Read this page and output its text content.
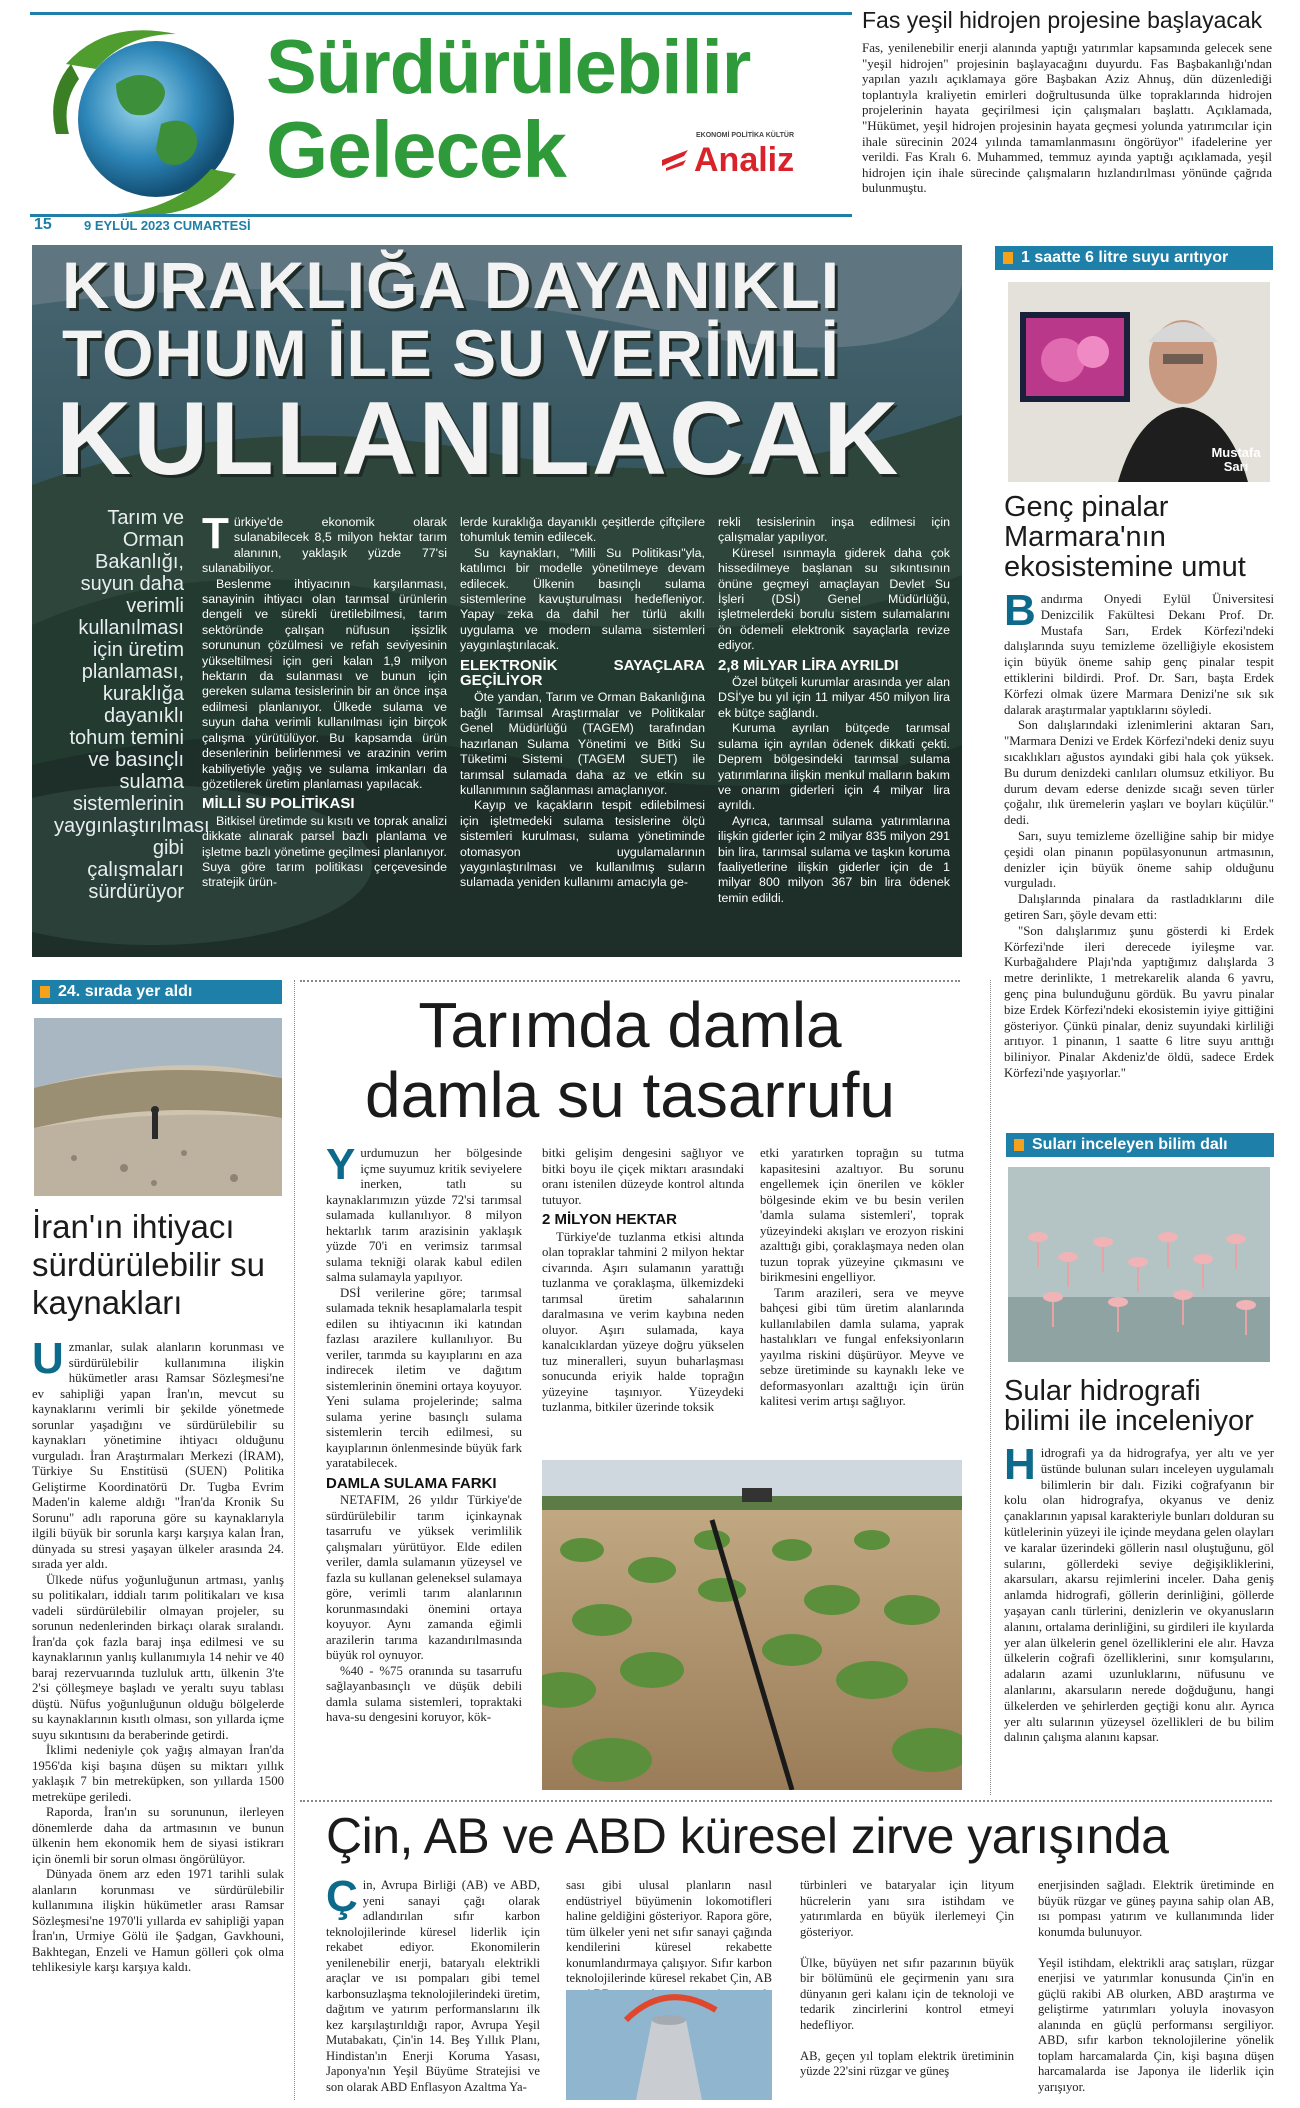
Sürdürülebilir
Gelecek	EKONOMİ POLİTİKA KÜLTÜR
Analiz
15 9 EYLÜL 2023 CUMARTESİ
Fas yeşil hidrojen projesine başlayacak
Fas, yenilenebilir enerji alanında yaptığı yatırımlar kapsamında gelecek sene "yeşil hidrojen" projesinin başlayacağını duyurdu. Fas Başbakanlığı'ndan yapılan yazılı açıklamaya göre Başbakan Aziz Ahnuş, dün düzenlediği toplantıyla kraliyetin emirleri doğrultusunda ülke topraklarında hidrojen projelerinin hayata geçirilmesi için çalışmaları başlattı. Açıklamada, "Hükümet, yeşil hidrojen projesinin hayata geçmesi yolunda yatırımcılar için ihale sürecinin 2024 yılında tamamlanmasını öngörüyor" ifadelerine yer verildi. Fas Kralı 6. Muhammed, temmuz ayında yaptığı açıklamada, yeşil hidrojen için ihale sürecinde çalışmaların hızlandırılması yönünde çağrıda bulunmuştu.
KURAKLIĞA DAYANIKLI
TOHUM İLE SU VERİMLİ
KULLANILACAK
Tarım ve Orman Bakanlığı, suyun daha verimli kullanılması için üretim planlaması, kuraklığa dayanıklı tohum temini ve basınçlı sulama sistemlerinin yaygınlaştırılması gibi çalışmaları sürdürüyor

Türkiye'de ekonomik olarak sulanabilecek 8,5 milyon hektar tarım alanının, yaklaşık yüzde 77'si sulanabiliyor.

Beslenme ihtiyacının karşılanması, sanayinin ihtiyacı olan tarımsal ürünlerin dengeli ve sürekli üretilebilmesi, tarım sektöründe çalışan nüfusun işsizlik sorununun çözülmesi ve refah seviyesinin yükseltilmesi için geri kalan 1,9 milyon hektarın da sulanması ve bunun için gereken sulama tesislerinin bir an önce inşa edilmesi planlanıyor. Ülkede sulama ve suyun daha verimli kullanılması için birçok çalışma yürütülüyor. Bu kapsamda ürün desenlerinin belirlenmesi ve arazinin verim kabiliyetiyle yağış ve sulama imkanları da gözetilerek üretim planlaması yapılacak.

MİLLİ SU POLİTİKASI

Bitkisel üretimde su kısıtı ve toprak analizi dikkate alınarak parsel bazlı planlama ve işletme bazlı yönetime geçilmesi planlanıyor. Suya göre tarım politikası çerçevesinde stratejik ürün-

lerde kuraklığa dayanıklı çeşitlerde çiftçilere tohumluk temin edilecek.

Su kaynakları, "Milli Su Politikası"yla, katılımcı bir modelle yönetilmeye devam edilecek. Ülkenin basınçlı sulama sistemlerine kavuşturulması hedefleniyor. Yapay zeka da dahil her türlü akıllı uygulama ve modern sulama sistemleri yaygınlaştırılacak.

ELEKTRONİK SAYAÇLARA GEÇİLİYOR

Öte yandan, Tarım ve Orman Bakanlığına bağlı Tarımsal Araştırmalar ve Politikalar Genel Müdürlüğü (TAGEM) tarafından hazırlanan Sulama Yönetimi ve Bitki Su Tüketimi Sistemi (TAGEM SUET) ile tarımsal sulamada daha az ve etkin su kullanımının sağlanması amaçlanıyor.

Kayıp ve kaçakların tespit edilebilmesi için işletmedeki sulama tesislerine ölçü sistemleri kurulması, sulama yönetiminde otomasyon uygulamalarının yaygınlaştırılması ve kullanılmış suların sulamada yeniden kullanımı amacıyla ge-

rekli tesislerinin inşa edilmesi için çalışmalar yapılıyor.

Küresel ısınmayla giderek daha çok hissedilmeye başlanan su sıkıntısının önüne geçmeyi amaçlayan Devlet Su İşleri (DSİ) Genel Müdürlüğü, işletmelerdeki borulu sistem sulamalarını ön ödemeli elektronik sayaçlarla revize ediyor.

2,8 MİLYAR LİRA AYRILDI

Özel bütçeli kurumlar arasında yer alan DSİ'ye bu yıl için 11 milyar 450 milyon lira ek bütçe sağlandı.

Kuruma ayrılan bütçede tarımsal sulama için ayrılan ödenek dikkati çekti. Deprem bölgesindeki tarımsal sulama yatırımlarına ilişkin menkul malların bakım ve onarım giderleri için 4 milyar lira ayrıldı.

Ayrıca, tarımsal sulama yatırımlarına ilişkin giderler için 2 milyar 835 milyon 291 bin lira, tarımsal sulama ve taşkın koruma faaliyetlerine ilişkin giderler için de 1 milyar 800 milyon 367 bin lira ödenek temin edildi.

1 saatte 6 litre suyu arıtıyor
Mustafa Sarı
Genç pinalar Marmara'nın ekosistemine umut

Bandırma Onyedi Eylül Üniversitesi Denizcilik Fakültesi Dekanı Prof. Dr. Mustafa Sarı, Erdek Körfezi'ndeki dalışlarında suyu temizleme özelliğiyle ekosistem için büyük öneme sahip genç pinalar tespit ettiklerini bildirdi. Prof. Dr. Sarı, başta Erdek Körfezi olmak üzere Marmara Denizi'ne sık sık dalarak araştırmalar yaptıklarını söyledi.

Son dalışlarındaki izlenimlerini aktaran Sarı, "Marmara Denizi ve Erdek Körfezi'ndeki deniz suyu sıcaklıkları ağustos ayındaki gibi hala çok yüksek. Bu durum denizdeki canlıları olumsuz etkiliyor. Bu durum devam ederse denizde sıcağı seven türler çoğalır, ılık üremelerin yaşları ve boyları küçülür." dedi.

Sarı, suyu temizleme özelliğine sahip bir midye çeşidi olan pinanın popülasyonunun artmasının, denizler için büyük öneme sahip olduğunu vurguladı.

Dalışlarında pinalara da rastladıklarını dile getiren Sarı, şöyle devam etti:

"Son dalışlarımız şunu gösterdi ki Erdek Körfezi'nde ileri derecede iyileşme var. Kurbağalıdere Plajı'nda yaptığımız dalışlarda 3 metre derinlikte, 1 metrekarelik alanda 6 yavru, genç pina bulunduğunu gördük. Bu yavru pinalar bize Erdek Körfezi'ndeki ekosistemin iyiye gittiğini gösteriyor. Çünkü pinalar, deniz suyundaki kirliliği arıtıyor. 1 pinanın, 1 saatte 6 litre suyu arıttığı biliniyor. Pinalar Akdeniz'de öldü, sadece Erdek Körfezi'nde yaşıyorlar."

Suları inceleyen bilim dalı
Sular hidrografi bilimi ile inceleniyor

Hidrografi ya da hidrografya, yer altı ve yer üstünde bulunan suları inceleyen uygulamalı bilimlerin bir dalı. Fiziki coğrafyanın bir kolu olan hidrografya, okyanus ve deniz çanaklarının yapısal karakteriyle bunları dolduran su kütlelerinin yüzeyi ile içinde meydana gelen olayları ve karalar üzerindeki göllerin nasıl oluştuğunu, göl sularını, göllerdeki seviye değişikliklerini, akarsuları, akarsu rejimlerini inceler. Daha geniş anlamda hidrografi, göllerin derinliğini, göllerde yaşayan canlı türlerini, denizlerin ve okyanusların alanını, ortalama derinliğini, su girdileri ile kıyılarda yer alan ülkelerin genel özelliklerini ele alır. Havza ülkelerin coğrafi özelliklerini, sınır komşularını, adaların azami uzunluklarını, nüfusunu ve alanlarını, akarsuların nerede doğduğunu, hangi ülkelerden ve şehirlerden geçtiği konu alır. Ayrıca yer altı sularının yüzeysel özellikleri de bu bilim dalının çalışma alanını kapsar.

24. sırada yer aldı
İran'ın ihtiyacı sürdürülebilir su kaynakları

Uzmanlar, sulak alanların korunması ve sürdürülebilir kullanımına ilişkin hükümetler arası Ramsar Sözleşmesi'ne ev sahipliği yapan İran'ın, mevcut su kaynaklarını verimli bir şekilde yönetmede sorunlar yaşadığını ve sürdürülebilir su kaynakları yönetimine ihtiyacı olduğunu vurguladı. İran Araştırmaları Merkezi (İRAM), Türkiye Su Enstitüsü (SUEN) Politika Geliştirme Koordinatörü Dr. Tugba Evrim Maden'in kaleme aldığı "İran'da Kronik Su Sorunu" adlı raporuna göre su kaynaklarıyla ilgili büyük bir sorunla karşı karşıya kalan İran, dünyada su stresi yaşayan ülkeler arasında 24. sırada yer aldı.

Ülkede nüfus yoğunluğunun artması, yanlış su politikaları, iddialı tarım politikaları ve kısa vadeli sürdürülebilir olmayan projeler, su sorunun nedenlerinden birkaçı olarak sıralandı. İran'da çok fazla baraj inşa edilmesi ve su kaynaklarının yanlış kullanımıyla 14 nehir ve 40 baraj rezervuarında tuzluluk arttı, ülkenin 3'te 2'si çölleşmeye başladı ve yeraltı suyu tablası düştü. Nüfus yoğunluğunun olduğu bölgelerde su kaynaklarının kısıtlı olması, son yıllarda içme suyu sıkıntısını da beraberinde getirdi.

İklimi nedeniyle çok yağış almayan İran'da 1956'da kişi başına düşen su miktarı yıllık yaklaşık 7 bin metreküpken, son yıllarda 1500 metreküpe geriledi.

Raporda, İran'ın su sorununun, ilerleyen dönemlerde daha da artmasının ve bunun ülkenin hem ekonomik hem de siyasi istikrarı için önemli bir sorun olması öngörülüyor.

Dünyada önem arz eden 1971 tarihli sulak alanların korunması ve sürdürülebilir kullanımına ilişkin hükümetler arası Ramsar Sözleşmesi'ne 1970'li yıllarda ev sahipliği yapan İran'ın, Urmiye Gölü ile Şadgan, Gavkhouni, Bakhtegan, Enzeli ve Hamun gölleri çok olma tehlikesiyle karşı karşıya kaldı.

Tarımda damla
damla su tasarrufu

Yurdumuzun her bölgesinde içme suyumuz kritik seviyelere inerken, tatlı su kaynaklarımızın yüzde 72'si tarımsal sulamada kullanılıyor. 8 milyon hektarlık tarım arazisinin yaklaşık yüzde 70'i en verimsiz tarımsal sulama tekniği olarak kabul edilen salma sulamayla yapılıyor.

DSİ verilerine göre; tarımsal sulamada teknik hesaplamalarla tespit edilen su ihtiyacının iki katından fazlası arazilere kullanılıyor. Bu veriler, tarımda su kayıplarını en aza indirecek iletim ve dağıtım sistemlerinin önemini ortaya koyuyor. Yeni sulama projelerinde; salma sulama yerine basınçlı sulama sistemlerin tercih edilmesi, su kayıplarının önlenmesinde büyük fark yaratabilecek.

DAMLA SULAMA FARKI

NETAFIM, 26 yıldır Türkiye'de sürdürülebilir tarım içinkaynak tasarrufu ve yüksek verimlilik çalışmaları yürütüyor. Elde edilen veriler, damla sulamanın yüzeysel ve fazla su kullanan geleneksel sulamaya göre, verimli tarım alanlarının korunmasındaki önemini ortaya koyuyor. Aynı zamanda eğimli arazilerin tarıma kazandırılmasında büyük rol oynuyor.

%40 - %75 oranında su tasarrufu sağlayanbasınçlı ve düşük debili damla sulama sistemleri, topraktaki hava-su dengesini koruyor, kök-

bitki gelişim dengesini sağlıyor ve bitki boyu ile çiçek miktarı arasındaki oranı istenilen düzeyde kontrol altında tutuyor.

2 MİLYON HEKTAR

Türkiye'de tuzlanma etkisi altında olan topraklar tahmini 2 milyon hektar civarında. Aşırı sulamanın yarattığı tuzlanma ve çoraklaşma, ülkemizdeki tarımsal üretim sahalarının daralmasına ve verim kaybına neden oluyor. Aşırı sulamada, kaya kanalcıklardan yüzeye doğru yükselen tuz mineralleri, suyun buharlaşması sonucunda eriyik halde toprağın yüzeyine taşınıyor. Yüzeydeki tuzlanma, bitkiler üzerinde toksik

etki yaratırken toprağın su tutma kapasitesini azaltıyor. Bu sorunu engellemek için önerilen ve kökler bölgesinde ekim ve bu besin verilen 'damla sulama sistemleri', toprak yüzeyindeki akışları ve erozyon riskini azalttığı gibi, çoraklaşmaya neden olan tuzun toprak yüzeyine çıkmasını ve birikmesini engelliyor.

Tarım arazileri, sera ve meyve bahçesi gibi tüm üretim alanlarında kullanılabilen damla sulama, yaprak hastalıkları ve fungal enfeksiyonların yayılma riskini düşürüyor. Meyve ve sebze üretiminde su kaynaklı leke ve deformasyonları azalttığı için ürün kalitesi verim artışı sağlıyor.

Çin, AB ve ABD küresel zirve yarışında

Çin, Avrupa Birliği (AB) ve ABD, yeni sanayi çağı olarak adlandırılan sıfır karbon teknolojilerinde küresel liderlik için rekabet ediyor. Ekonomilerin yenilenebilir enerji, bataryalı elektrikli araçlar ve ısı pompaları gibi temel karbonsuzlaşma teknolojilerindeki üretim, dağıtım ve yatırım performanslarını ilk kez karşılaştırıldığı rapor, Avrupa Yeşil Mutabakatı, Çin'in 14. Beş Yıllık Planı, Hindistan'ın Enerji Koruma Yasası, Japonya'nın Yeşil Büyüme Stratejisi ve son olarak ABD Enflasyon Azaltma Ya-

sası gibi ulusal planların nasıl endüstriyel büyümenin lokomotifleri haline geldiğini gösteriyor. Rapora göre, tüm ülkeler yeni net sıfır sanayi çağında kendilerini küresel rekabette konumlandırmaya çalışıyor. Sıfır karbon teknolojilerinde küresel rekabet Çin, AB

türbinleri ve bataryalar için lityum hücrelerin yanı sıra istihdam ve yatırımlarda en büyük ilerlemeyi Çin gösteriyor.

Ülke, büyüyen net sıfır pazarının büyük bir bölümünü ele geçirmenin yanı sıra dünyanın geri kalanı için de teknoloji ve tedarik zincirlerini kontrol etmeyi hedefliyor.

AB, geçen yıl toplam elektrik üretiminin yüzde 22'sini rüzgar ve güneş
enerjisinden sağladı. Elektrik üretiminde en büyük rüzgar ve güneş payına sahip olan AB, ısı pompası yatırım ve kullanımında lider konumda bulunuyor.

Yeşil istihdam, elektrikli araç satışları, rüzgar enerjisi ve yatırımlar konusunda Çin'in en güçlü rakibi AB olurken, ABD araştırma ve geliştirme yatırımları yoluyla inovasyon alanında en güçlü performansı sergiliyor. ABD, sıfır karbon teknolojilerine yönelik toplam harcamalarda Çin, kişi başına düşen harcamalarda ise Japonya ile liderlik için yarışıyor.
